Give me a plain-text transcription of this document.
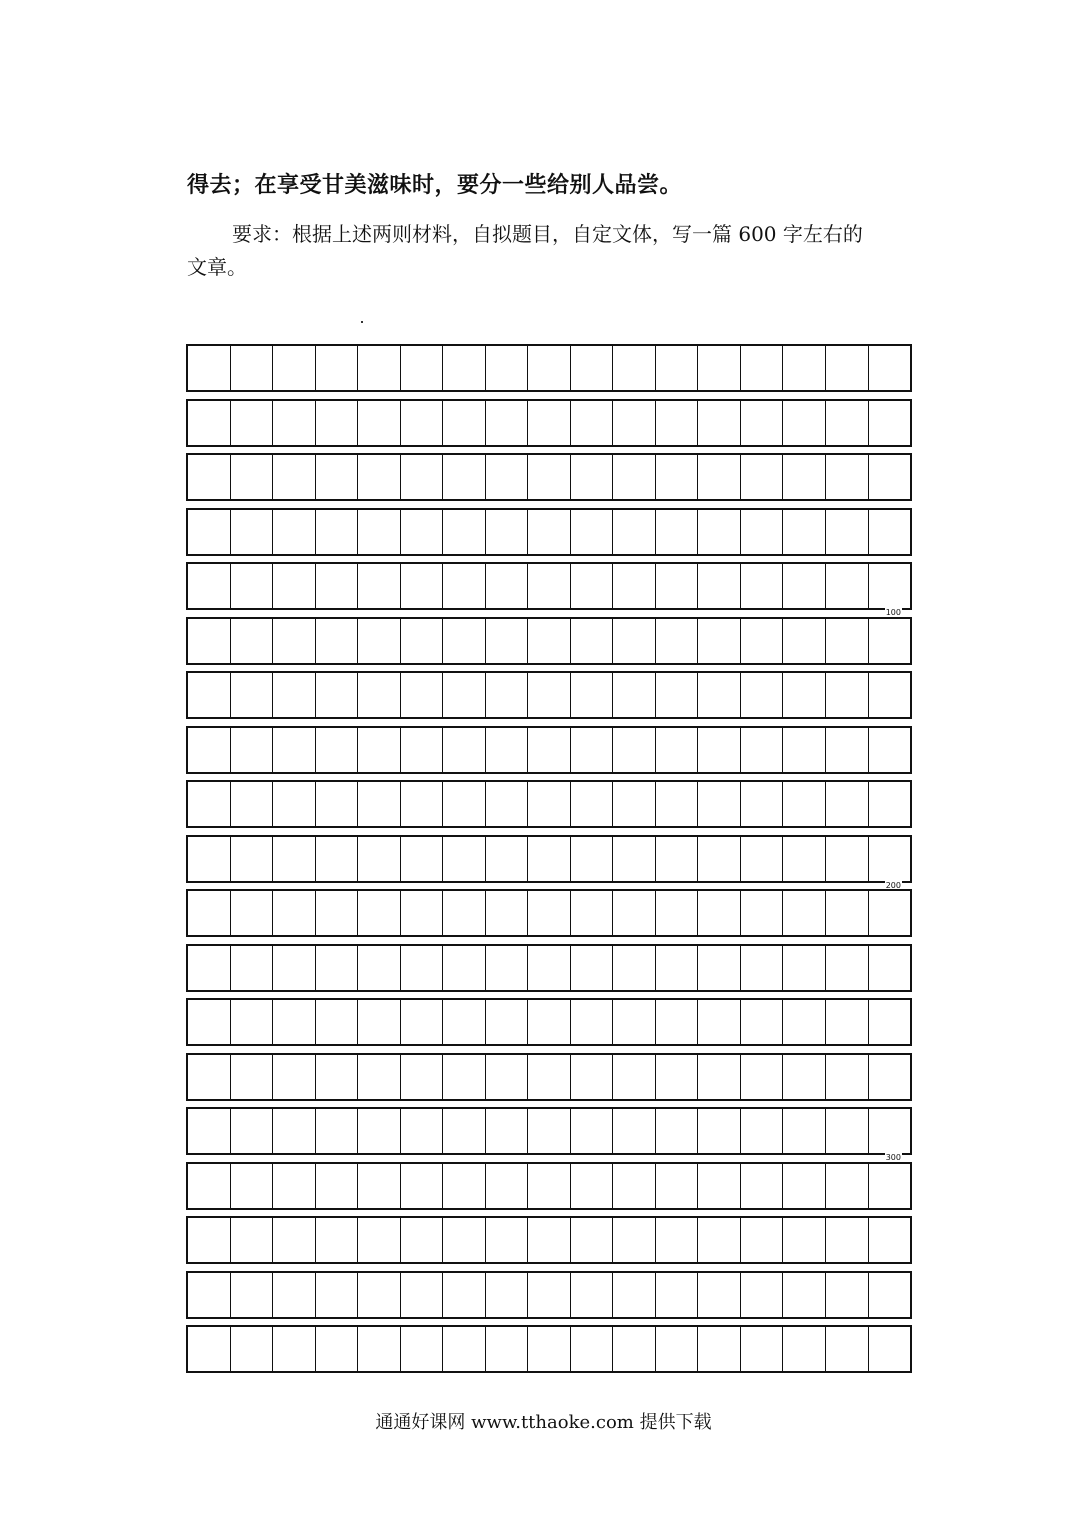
得去；在享受甘美滋味时，要分一些给别人品尝。
要求：根据上述两则材料，自拟题目，自定文体，写一篇 600 字左右的
文章。
100
200
300
通通好课网 www.tthaoke.com 提供下载
